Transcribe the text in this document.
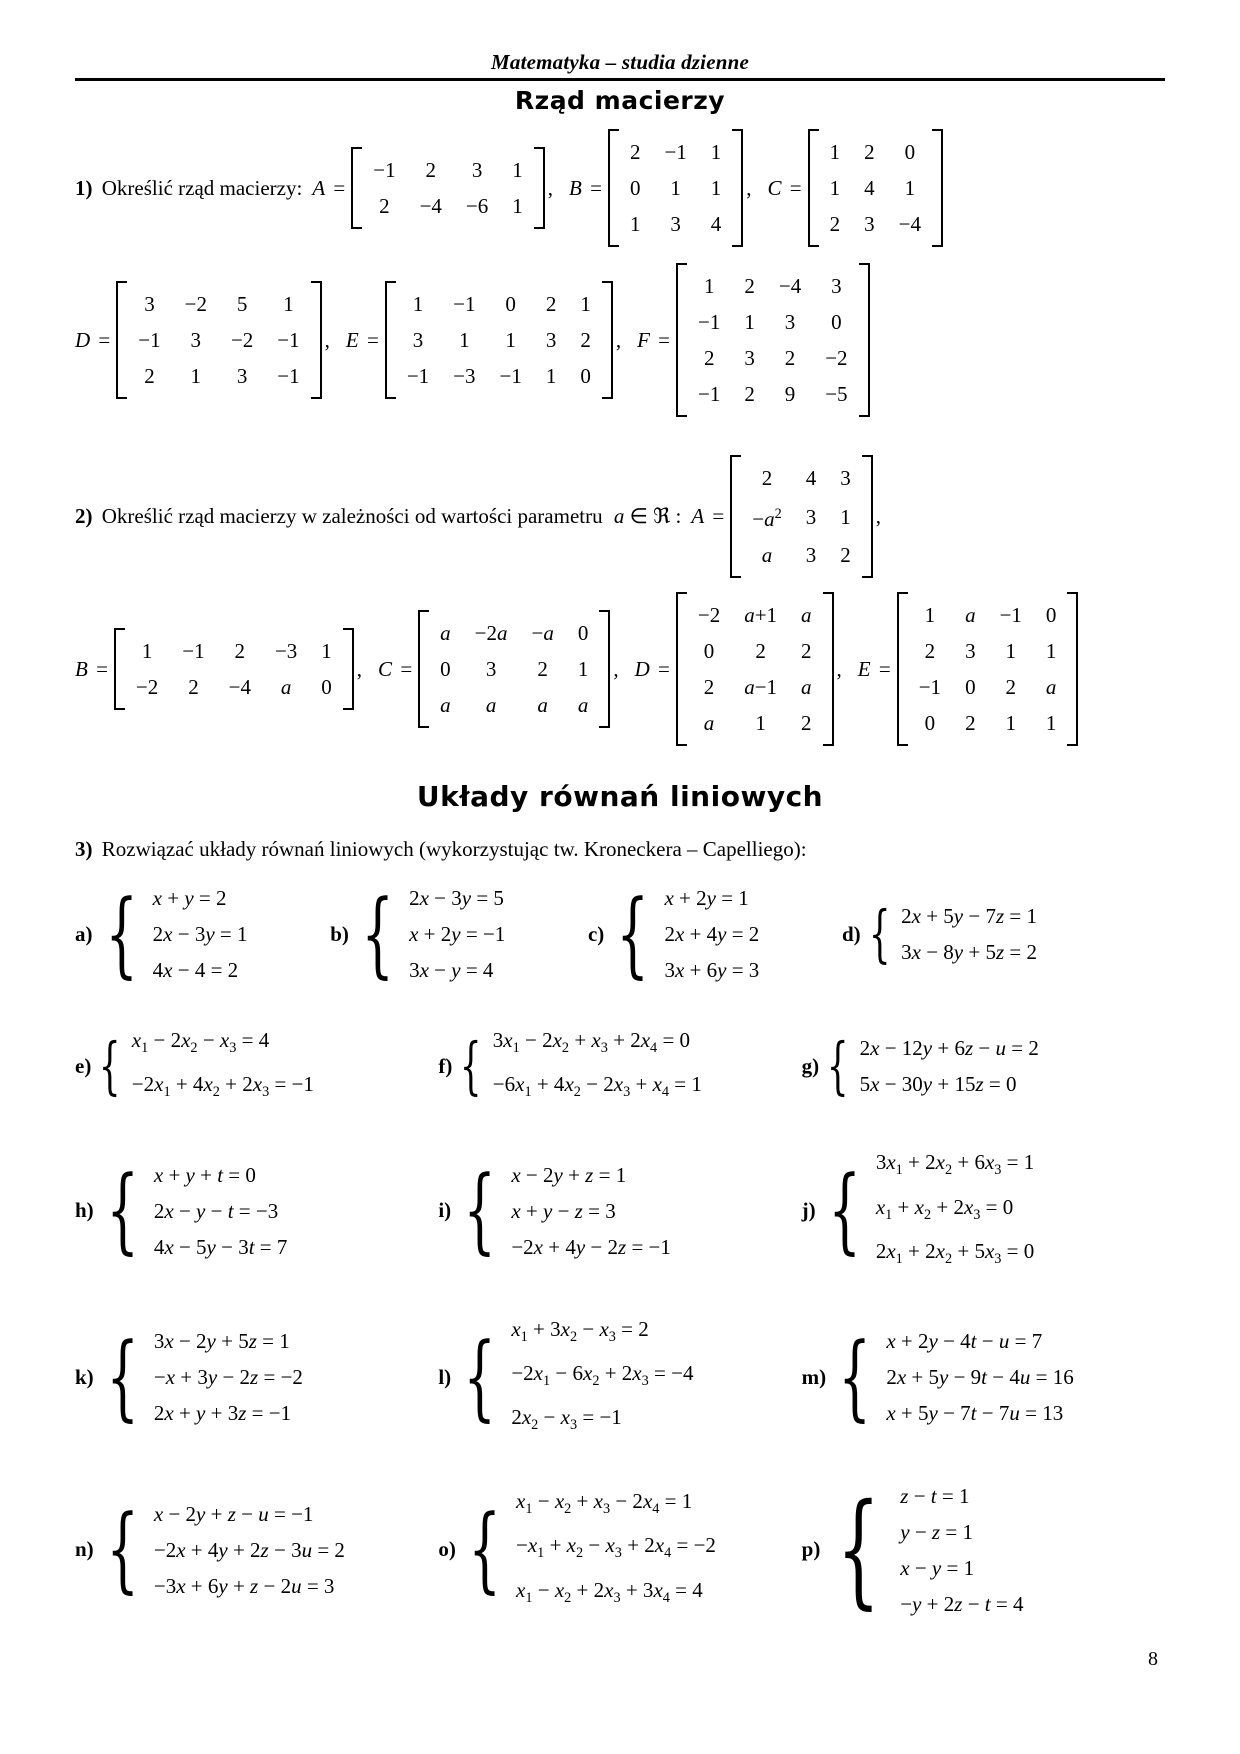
Matematyka – studia dzienne
Rząd macierzy
1) Określić rząd macierzy: A =
−1	2	3	1
2	−4	−6	1
, B =
2	−1	1
0	1	1
1	3	4
, C =
1	2	0
1	4	1
2	3	−4
D =
3	−2	5	1
−1	3	−2	−1
2	1	3	−1
, E =
1	−1	0	2	1
3	1	1	3	2
−1	−3	−1	1	0
, F =
1	2	−4	3
−1	1	3	0
2	3	2	−2
−1	2	9	−5
2) Określić rząd macierzy w zależności od wartości parametru a ∈ ℜ : A =
2	4	3
$-a^2$	3	1
a	3	2
,
B =
1	−1	2	−3	1
−2	2	−4	a	0
, C =
a	−2a	−a	0
0	3	2	1
a	a	a	a
, D =
−2	a+1	a
0	2	2
2	a−1	a
a	1	2
, E =
1	a	−1	0
2	3	1	1
−1	0	2	a
0	2	1	1
Układy równań liniowych
3) Rozwiązać układy równań liniowych (wykorzystując tw. Kroneckera – Capelliego):
a) { x + y = 2
2x − 3y = 1
4x − 4 = 2
b) { 2x − 3y = 5
x + 2y = −1
3x − y = 4
c) { x + 2y = 1
2x + 4y = 2
3x + 6y = 3
d) { 2x + 5y − 7z = 1
3x − 8y + 5z = 2
e) { $x_1 - 2x_2 - x_3 = 4$
$-2x_1 + 4x_2 + 2x_3 = -1$
f) { $3x_1 - 2x_2 + x_3 + 2x_4 = 0$
$-6x_1 + 4x_2 - 2x_3 + x_4 = 1$
g) { 2x − 12y + 6z − u = 2
5x − 30y + 15z = 0
h) { x + y + t = 0
2x − y − t = −3
4x − 5y − 3t = 7
i) { x − 2y + z = 1
x + y − z = 3
−2x + 4y − 2z = −1
j) { $3x_1 + 2x_2 + 6x_3 = 1$
$x_1 + x_2 + 2x_3 = 0$
$2x_1 + 2x_2 + 5x_3 = 0$
k) { 3x − 2y + 5z = 1
−x + 3y − 2z = −2
2x + y + 3z = −1
l) { $x_1 + 3x_2 - x_3 = 2$
$-2x_1 - 6x_2 + 2x_3 = -4$
$2x_2 - x_3 = -1$
m) { x + 2y − 4t − u = 7
2x + 5y − 9t − 4u = 16
x + 5y − 7t − 7u = 13
n) { x − 2y + z − u = −1
−2x + 4y + 2z − 3u = 2
−3x + 6y + z − 2u = 3
o) { $x_1 - x_2 + x_3 - 2x_4 = 1$
$-x_1 + x_2 - x_3 + 2x_4 = -2$
$x_1 - x_2 + 2x_3 + 3x_4 = 4$
p) { z − t = 1
y − z = 1
x − y = 1
−y + 2z − t = 4
8
